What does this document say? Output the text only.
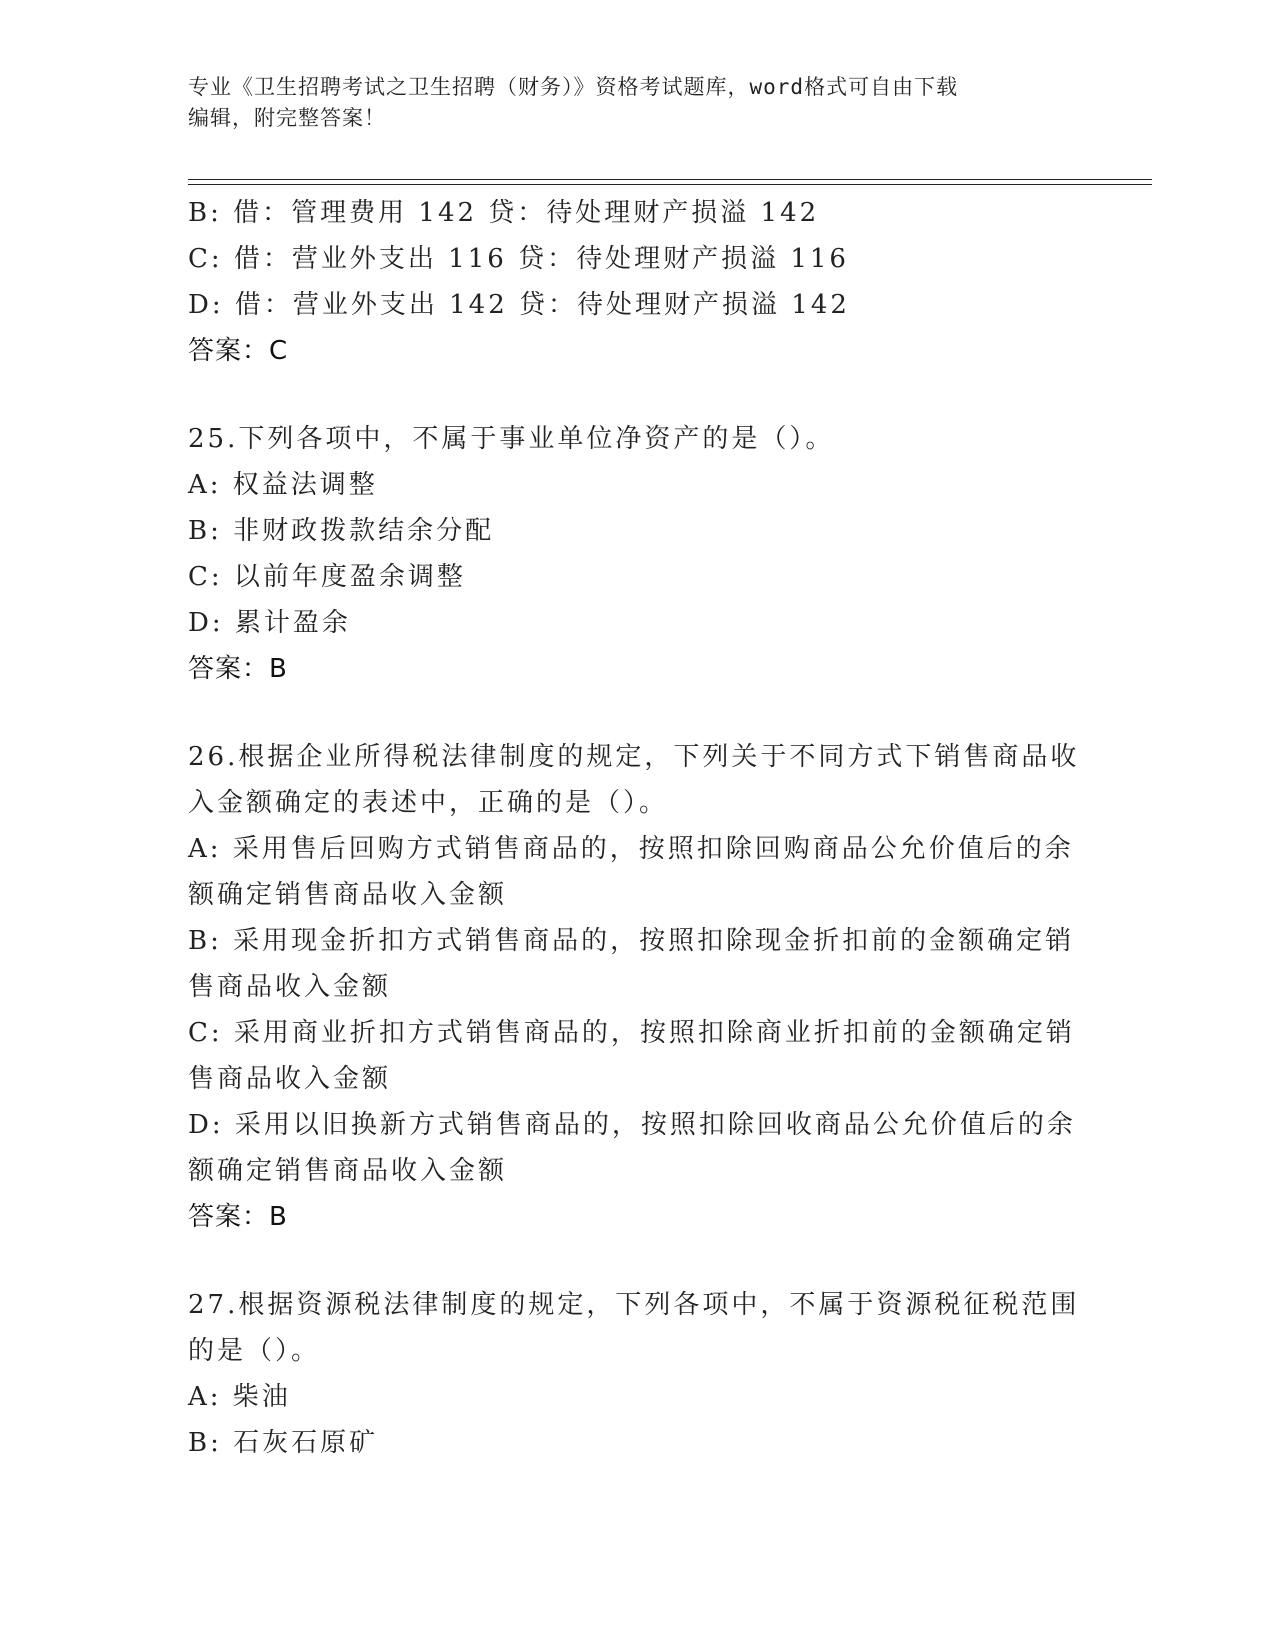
专业《卫生招聘考试之卫生招聘（财务）》资格考试题库，word格式可自由下载
编辑，附完整答案！
B: 借：管理费用 142 贷：待处理财产损溢 142
C: 借：营业外支出 116 贷：待处理财产损溢 116
D: 借：营业外支出 142 贷：待处理财产损溢 142
答案：C
25.下列各项中，不属于事业单位净资产的是（）。
A: 权益法调整
B: 非财政拨款结余分配
C: 以前年度盈余调整
D: 累计盈余
答案：B
26.根据企业所得税法律制度的规定，下列关于不同方式下销售商品收
入金额确定的表述中，正确的是（）。
A: 采用售后回购方式销售商品的，按照扣除回购商品公允价值后的余
额确定销售商品收入金额
B: 采用现金折扣方式销售商品的，按照扣除现金折扣前的金额确定销
售商品收入金额
C: 采用商业折扣方式销售商品的，按照扣除商业折扣前的金额确定销
售商品收入金额
D: 采用以旧换新方式销售商品的，按照扣除回收商品公允价值后的余
额确定销售商品收入金额
答案：B
27.根据资源税法律制度的规定，下列各项中，不属于资源税征税范围
的是（）。
A: 柴油
B: 石灰石原矿
